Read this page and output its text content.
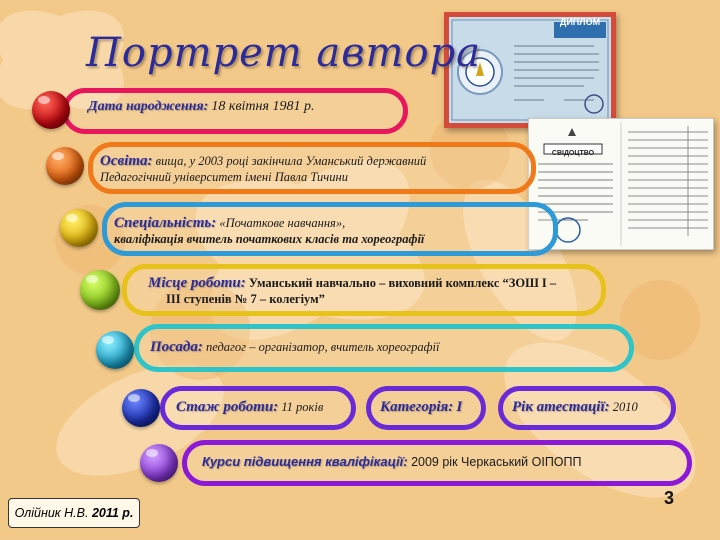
Портрет автора
ДИПЛОМ
СВІДОЦТВО
Дата народження: 18 квітня 1981 р.
Освіта: вища, у 2003 році закінчила Уманський державний
Педагогічний університет імені Павла Тичини
Спеціальність: «Початкове навчання»,
кваліфікація вчитель початкових класів та хореографії
Місце роботи: Уманський навчально – виховний комплекс “ЗОШ І –
ІІІ ступенів № 7 – колегіум”
Посада: педагог – організатор, вчитель хореографії
Стаж роботи: 11 років	Категорія: І	Рік атестації: 2010
Курси підвищення кваліфікації: 2009 рік Черкаський ОІПОПП
Олійник Н.В.
2011 р.
3
